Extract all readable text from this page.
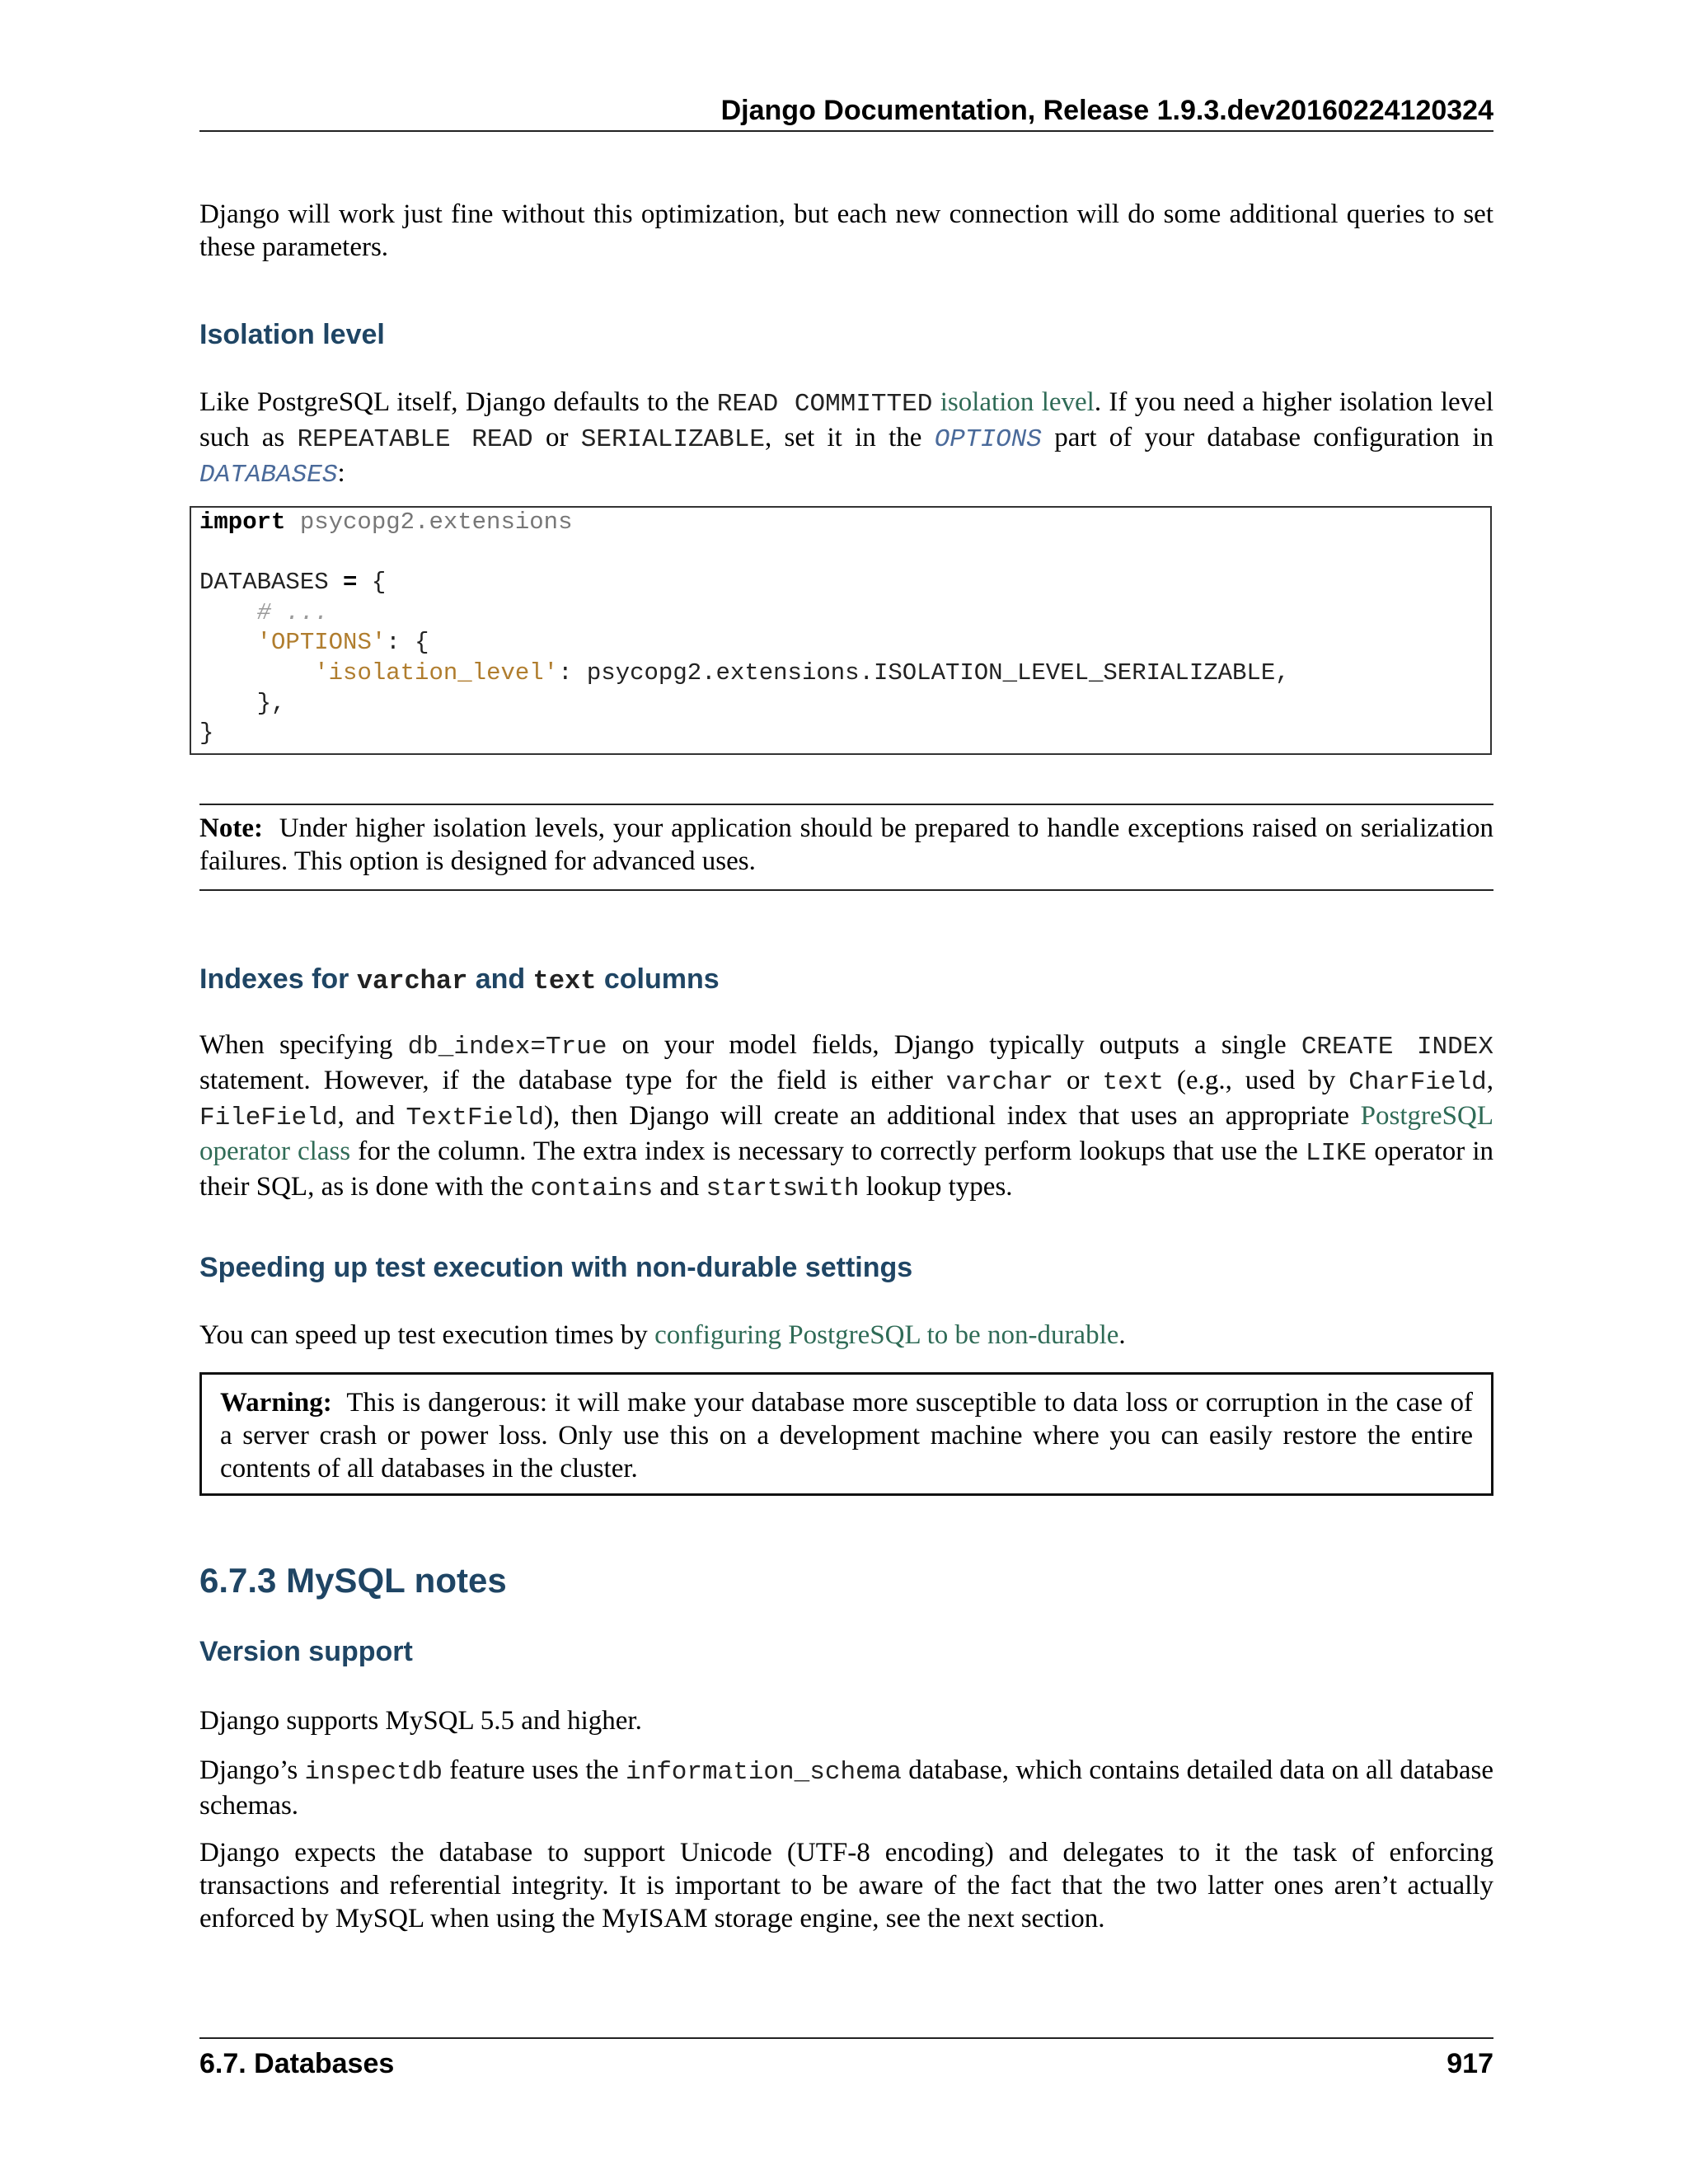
Django Documentation, Release 1.9.3.dev20160224120324

Django will work just fine without this optimization, but each new connection will do some additional queries to set these parameters.

Isolation level

Like PostgreSQL itself, Django defaults to the READ COMMITTED isolation level. If you need a higher isolation level such as REPEATABLE READ or SERIALIZABLE, set it in the OPTIONS part of your database configuration in DATABASES:

import psycopg2.extensions

DATABASES = {
# ...
'OPTIONS': {
'isolation_level': psycopg2.extensions.ISOLATION_LEVEL_SERIALIZABLE,
},
}

Note: Under higher isolation levels, your application should be prepared to handle exceptions raised on serialization failures. This option is designed for advanced uses.

Indexes for varchar and text columns

When specifying db_index=True on your model fields, Django typically outputs a single CREATE INDEX statement. However, if the database type for the field is either varchar or text (e.g., used by CharField, FileField, and TextField), then Django will create an additional index that uses an appropriate PostgreSQL operator class for the column. The extra index is necessary to correctly perform lookups that use the LIKE operator in their SQL, as is done with the contains and startswith lookup types.

Speeding up test execution with non-durable settings

You can speed up test execution times by configuring PostgreSQL to be non-durable.

Warning: This is dangerous: it will make your database more susceptible to data loss or corruption in the case of a server crash or power loss. Only use this on a development machine where you can easily restore the entire contents of all databases in the cluster.

6.7.3 MySQL notes
Version support

Django supports MySQL 5.5 and higher.

Django’s inspectdb feature uses the information_schema database, which contains detailed data on all database schemas.

Django expects the database to support Unicode (UTF-8 encoding) and delegates to it the task of enforcing transactions and referential integrity. It is important to be aware of the fact that the two latter ones aren’t actually enforced by MySQL when using the MyISAM storage engine, see the next section.

6.7. Databases	917
